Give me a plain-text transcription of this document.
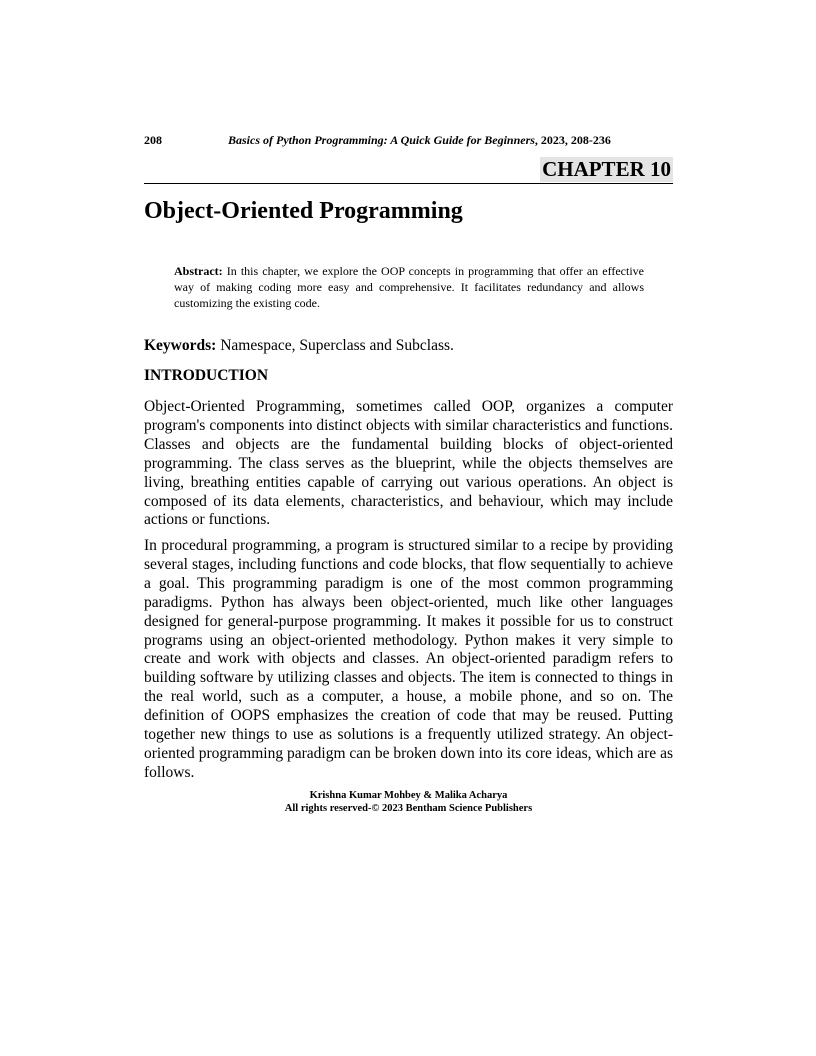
208	Basics of Python Programming: A Quick Guide for Beginners, 2023, 208-236
CHAPTER 10
Object-Oriented Programming

Abstract: In this chapter, we explore the OOP concepts in programming that offer an effective way of making coding more easy and comprehensive. It facilitates redundancy and allows customizing the existing code.

Keywords: Namespace, Superclass and Subclass.

INTRODUCTION

Object-Oriented Programming, sometimes called OOP, organizes a computer program's components into distinct objects with similar characteristics and functions. Classes and objects are the fundamental building blocks of object-oriented programming. The class serves as the blueprint, while the objects themselves are living, breathing entities capable of carrying out various operations. An object is composed of its data elements, characteristics, and behaviour, which may include actions or functions.

In procedural programming, a program is structured similar to a recipe by providing several stages, including functions and code blocks, that flow sequentially to achieve a goal. This programming paradigm is one of the most common programming paradigms. Python has always been object-oriented, much like other languages designed for general-purpose programming. It makes it possible for us to construct programs using an object-oriented methodology. Python makes it very simple to create and work with objects and classes. An object-oriented paradigm refers to building software by utilizing classes and objects. The item is connected to things in the real world, such as a computer, a house, a mobile phone, and so on. The definition of OOPS emphasizes the creation of code that may be reused. Putting together new things to use as solutions is a frequently utilized strategy. An object-oriented programming paradigm can be broken down into its core ideas, which are as follows.

Krishna Kumar Mohbey & Malika Acharya
All rights reserved-© 2023 Bentham Science Publishers
